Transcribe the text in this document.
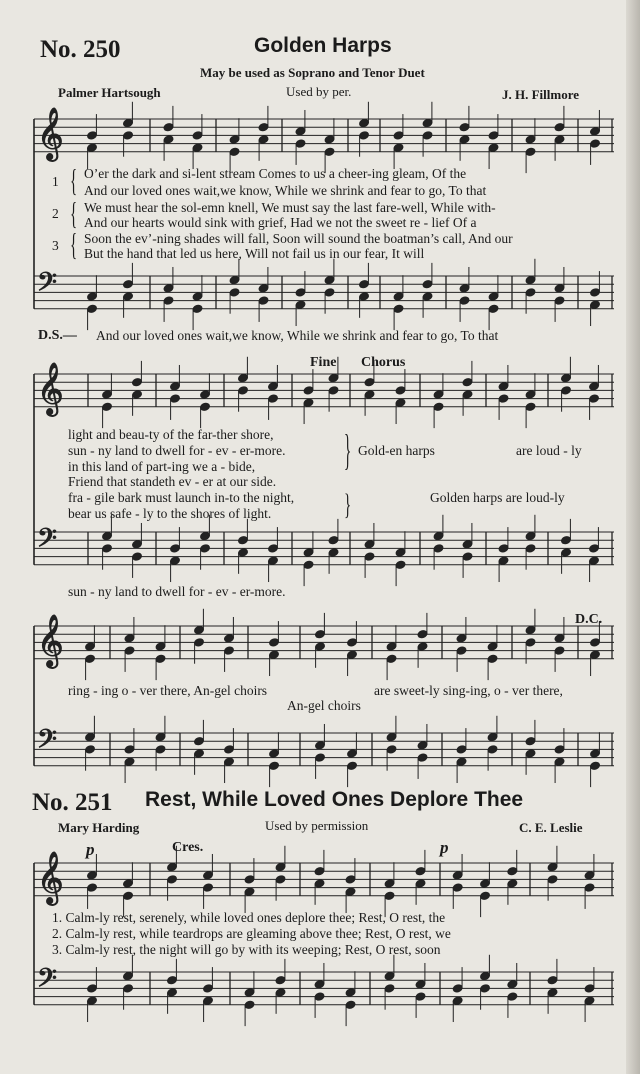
𝄞
𝄢
𝄞
𝄢
𝄞
𝄢
𝄞
𝄢
No. 250	Golden Harps
May be used as Soprano and Tenor Duet
Palmer Hartsough	Used by per.	J. H. Fillmore
O’er the dark and si-lent stream Comes to us a cheer-ing gleam, Of the
And our loved ones wait,we know, While we shrink and fear to go, To that
We must hear the sol-emn knell, We must say the last fare-well, While with-
And our hearts would sink with grief, Had we not the sweet re - lief Of a
Soon the ev’-ning shades will fall, Soon will sound the boatman’s call, And our
But the hand that led us here, Will not fail us in our fear, It will
1
2
3
{
{
{
D.S.— And our loved ones wait,we know, While we shrink and fear to go, To that
Fine Chorus
light and beau-ty of the far-ther shore,
sun - ny land to dwell for - ev - er-more.
in this land of part-ing we a - bide,
Friend that standeth ev - er at our side.
fra - gile bark must launch in-to the night,
bear us safe - ly to the shores of light.
}
}
Gold-en harps	are loud - ly
Golden harps are loud-ly
sun - ny land to dwell for - ev - er-more.
D.C.
ring - ing o - ver there, An-gel choirs	are sweet-ly sing-ing, o - ver there,
An-gel choirs
No. 251 Rest, While Loved Ones Deplore Thee
Mary Harding	Used by permission	C. E. Leslie
p	Cres.	p
1. Calm-ly rest, serenely, while loved ones deplore thee; Rest, O rest, the
2. Calm-ly rest, while teardrops are gleaming above thee; Rest, O rest, we
3. Calm-ly rest, the night will go by with its weeping; Rest, O rest, soon
